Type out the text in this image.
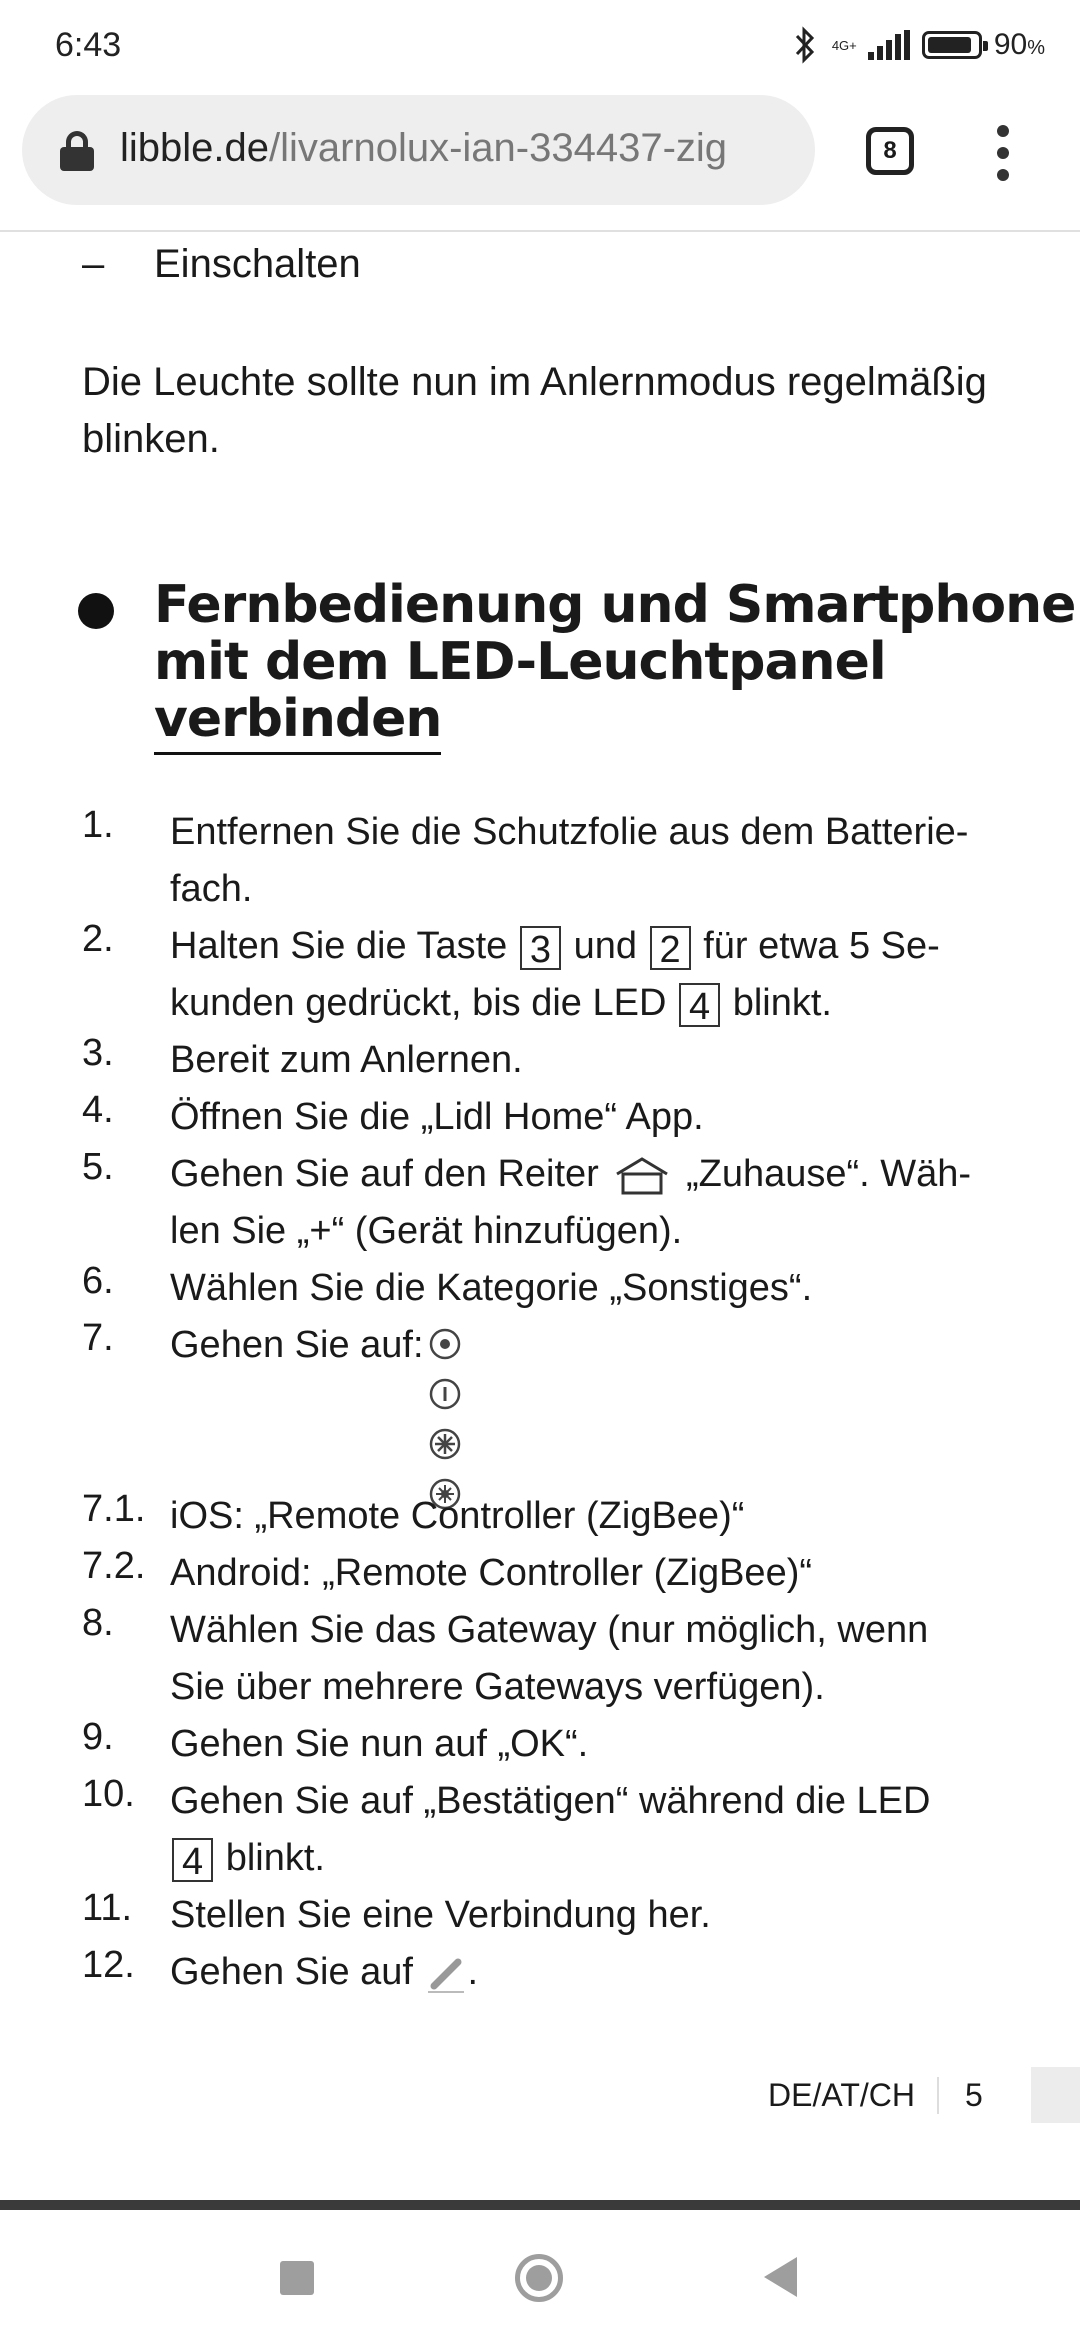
6:43	4G+	90%
libble.de/livarnolux-ian-334437-zig	8
– Einschalten
Die Leuchte sollte nun im Anlernmodus regelmäßig blinken.
Fernbedienung und Smartphone
mit dem LED-Leuchtpanel
verbinden
1. Entfernen Sie die Schutzfolie aus dem Batterie-
fach.
2. Halten Sie die Taste 3 und 2 für etwa 5 Se-
kunden gedrückt, bis die LED 4 blinkt.
3. Bereit zum Anlernen.
4. Öffnen Sie die „Lidl Home“ App.
5. Gehen Sie auf den Reiter „Zuhause“. Wäh-
len Sie „+“ (Gerät hinzufügen).
6. Wählen Sie die Kategorie „Sonstiges“.
7. Gehen Sie auf:

7.1. iOS: „Remote Controller (ZigBee)“
7.2. Android: „Remote Controller (ZigBee)“
8. Wählen Sie das Gateway (nur möglich, wenn
Sie über mehrere Gateways verfügen).
9. Gehen Sie nun auf „OK“.
10. Gehen Sie auf „Bestätigen“ während die LED
4 blinkt.
11. Stellen Sie eine Verbindung her.
12. Gehen Sie auf .
DE/AT/CH	5
